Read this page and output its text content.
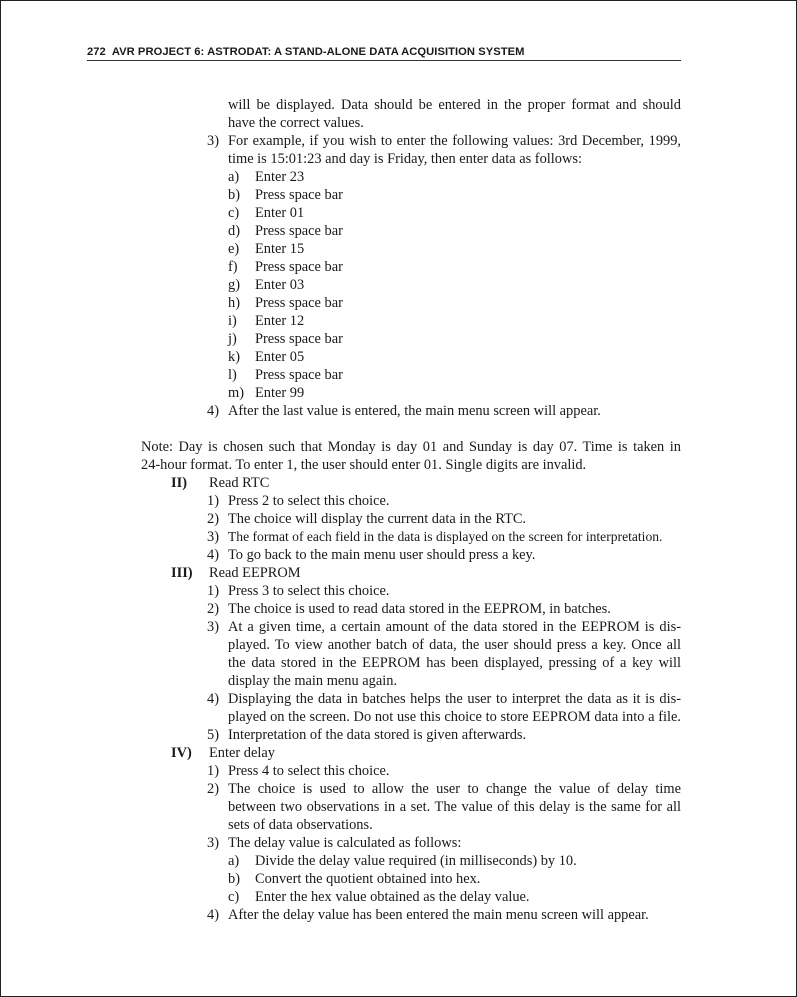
272 AVR PROJECT 6: ASTRODAT: A STAND-ALONE DATA ACQUISITION SYSTEM
will be displayed. Data should be entered in the proper format and should
have the correct values.
3) For example, if you wish to enter the following values: 3rd December, 1999,
time is 15:01:23 and day is Friday, then enter data as follows:
a) Enter 23
b) Press space bar
c) Enter 01
d) Press space bar
e) Enter 15
f) Press space bar
g) Enter 03
h) Press space bar
i) Enter 12
j) Press space bar
k) Enter 05
l) Press space bar
m) Enter 99
4) After the last value is entered, the main menu screen will appear.
Note: Day is chosen such that Monday is day 01 and Sunday is day 07. Time is taken in
24-hour format. To enter 1, the user should enter 01. Single digits are invalid.
II) Read RTC
1) Press 2 to select this choice.
2) The choice will display the current data in the RTC.
3) The format of each field in the data is displayed on the screen for interpretation.
4) To go back to the main menu user should press a key.
III) Read EEPROM
1) Press 3 to select this choice.
2) The choice is used to read data stored in the EEPROM, in batches.
3) At a given time, a certain amount of the data stored in the EEPROM is dis-
played. To view another batch of data, the user should press a key. Once all
the data stored in the EEPROM has been displayed, pressing of a key will
display the main menu again.
4) Displaying the data in batches helps the user to interpret the data as it is dis-
played on the screen. Do not use this choice to store EEPROM data into a file.
5) Interpretation of the data stored is given afterwards.
IV) Enter delay
1) Press 4 to select this choice.
2) The choice is used to allow the user to change the value of delay time
between two observations in a set. The value of this delay is the same for all
sets of data observations.
3) The delay value is calculated as follows:
a) Divide the delay value required (in milliseconds) by 10.
b) Convert the quotient obtained into hex.
c) Enter the hex value obtained as the delay value.
4) After the delay value has been entered the main menu screen will appear.
